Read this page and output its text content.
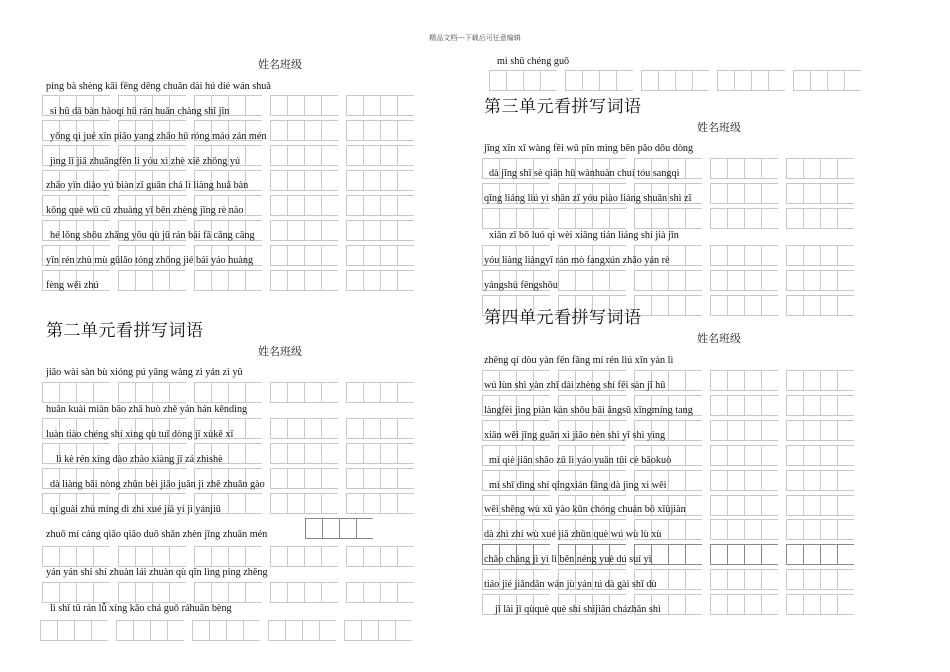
精品文档---下载后可任意编辑
姓名班级
píng bà shèng kāi fēng dēng chuān dài hú dié wán shuǎ
sì hū dā bàn hàoqí hū rán huān chàng shī jīn
yǒng qì jué xīn piāo yang zhāo hū róng máo zán mén
jìng lǐ jiā zhuāngfěn lì yóu xì zhè xiē zhōng yú
zhāo yǐn diào yú biàn zǐ guān chá lì liàng huā bàn
kōng què wǔ cū zhuàng yī běn zhèng jīng rè nào
hé lǒng shōu zhǎng yōu qù jū rán bái fā cāng cāng
yīn rén zhù mù gūlǎo tóng zhōng jié bái yáo huàng
fèng wěi zhú
第二单元看拼写词语
姓名班级
jiāo wài sàn bù xióng pú yāng wàng zì yán zì yǔ
huān kuài miàn bāo zhā huò zhě yán hán kěndìng
luàn tiào chéng shí xìng qù tuī dòng jī xùkě xī
lì kè rén xíng dào zhào xiàng jī zá zhìshè
dà liàng bǎi nòng zhǔn bèi jiāo juǎn jì zhě zhuǎn gào
qí guài zhù míng dì zhì xué jiā yí jì yánjiū
zhuō mí cáng qiāo qiāo duō shǎn zhèn jīng zhuān mén
yán yán shí shí zhuàn lái zhuàn qù qīn lìng píng zhěng
lì shǐ tū rán lǚ xíng kǎo chá guǒ ráhuān bèng
mì shū chéng guǒ
第三单元看拼写词语
姓名班级
jīng xīn xī wàng fēi wǔ pīn mìng bēn pǎo dǒu dòng
dà jīng shī sè qiān hū wànhuàn chuí tóu sangqì
qīng liáng liú yì shān zī yóu piào liáng shuǎn shì zī
xiān zī bō luó qì wèi xiāng tián liáng shí jià jīn
yóu liàng liàngyī rán mò fangxún zhǎo yán rè
yángshù fēngshōu
第四单元看拼写词语
姓名班级
zhēng qí dòu yàn fēn fāng mí rén liú xīn yàn lì
wú lùn shì yàn zhī dài zhèng shí fēi sàn jǐ hū
làngfèi jìng piàn kàn shǒu bāi ǎngsū xīngmíng tang
xiān wěi jīng guān xì jiāo nèn shì yī shì yìng
mì qiè jiān shāo zū lì yáo yuǎn tūi cè bǎokuò
mì shī dìng shí qīngxián fāng dà jìng xì wēi
wēi shēng wù xū yào kūn chóng chuán bō xīùjiàn
dà zhì zhí wù xué jiā zhǔn què wú wù lù xù
chāo cháng jì yì lì běn néng yuè dú suí yì
tiáo jié jiǎndān wán jù yán tú dà gài shī dù
jī lài jǐ qùquè què shí shíjiān cházhǎn shì
